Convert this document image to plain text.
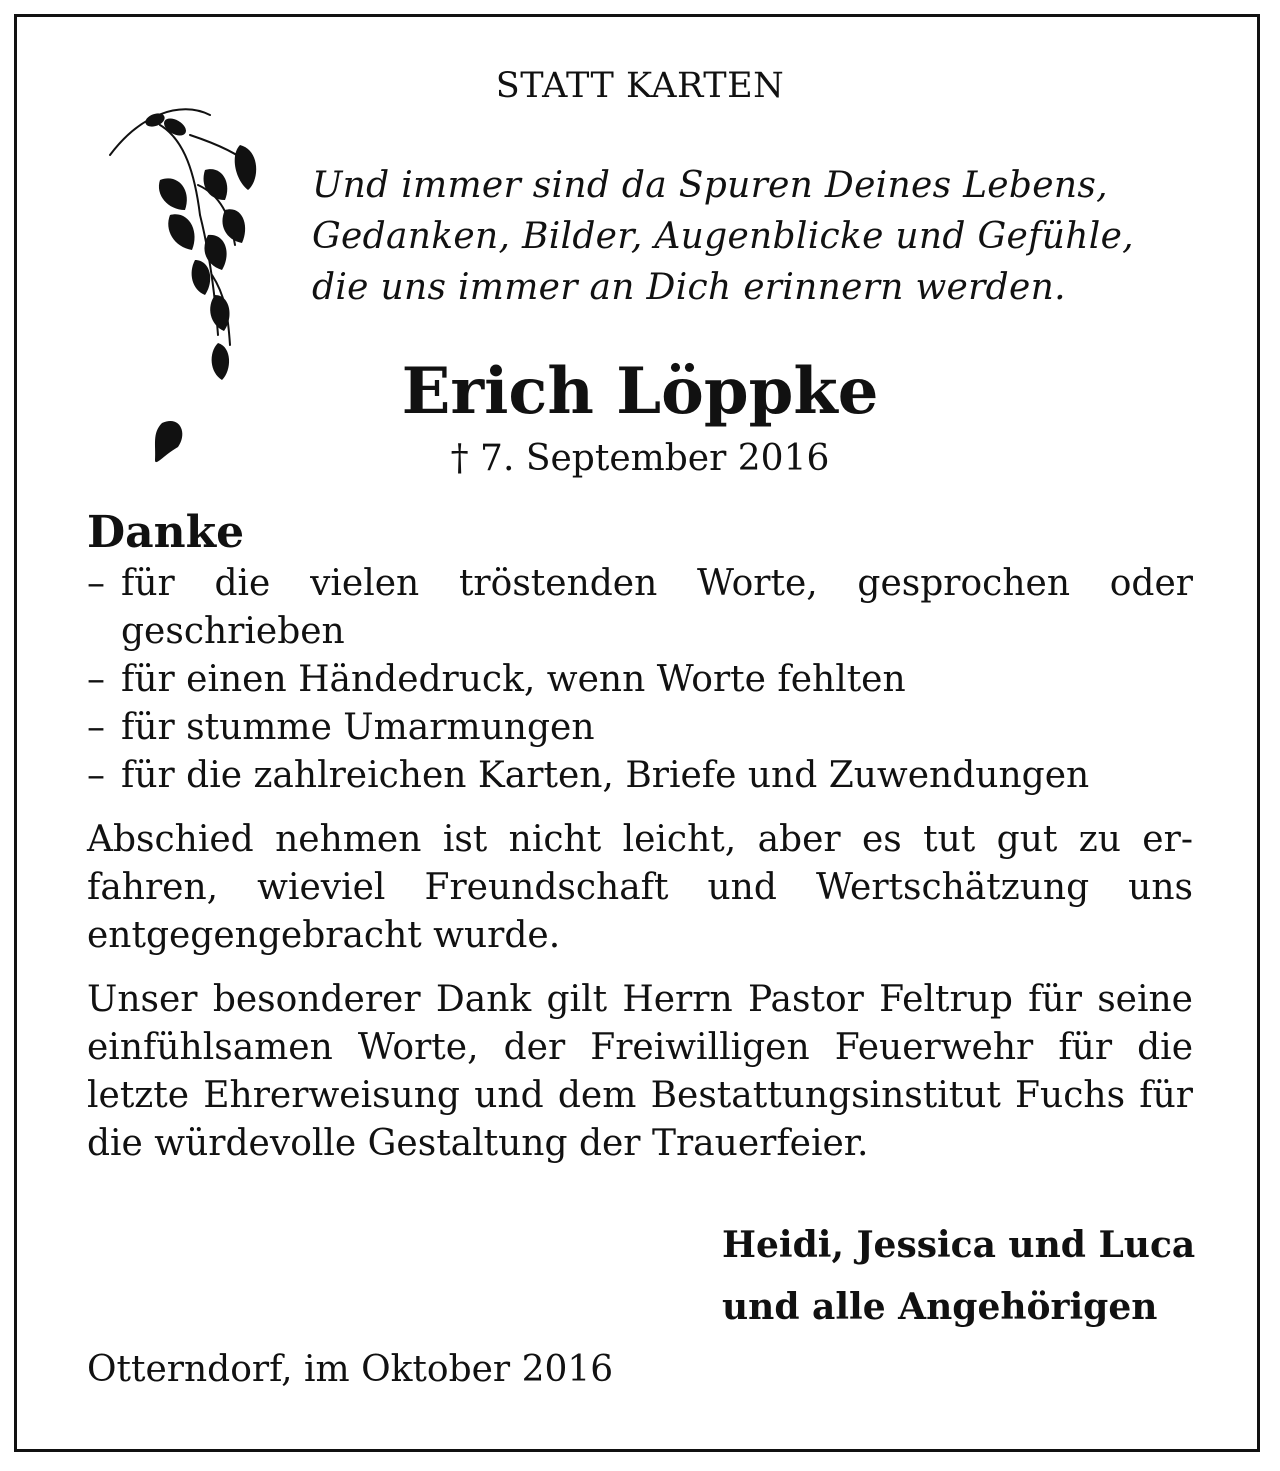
STATT KARTEN
Und immer sind da Spuren Deines Lebens,
Gedanken, Bilder, Augenblicke und Gefühle,
die uns immer an Dich erinnern werden.
Erich Löppke
† 7. September 2016
Danke
– für die vielen tröstenden Worte, gesprochen oder geschrieben
– für einen Händedruck, wenn Worte fehlten
– für stumme Umarmungen
– für die zahlreichen Karten, Briefe und Zuwendungen
Abschied nehmen ist nicht leicht, aber es tut gut zu erfahren, wieviel Freundschaft und Wertschätzung uns entgegengebracht wurde.
Unser besonderer Dank gilt Herrn Pastor Feltrup für seine einfühlsamen Worte, der Freiwilligen Feuerwehr für die letzte Ehrerweisung und dem Bestattungsinstitut Fuchs für die würdevolle Gestaltung der Trauerfeier.
Heidi, Jessica und Luca
und alle Angehörigen
Otterndorf, im Oktober 2016
